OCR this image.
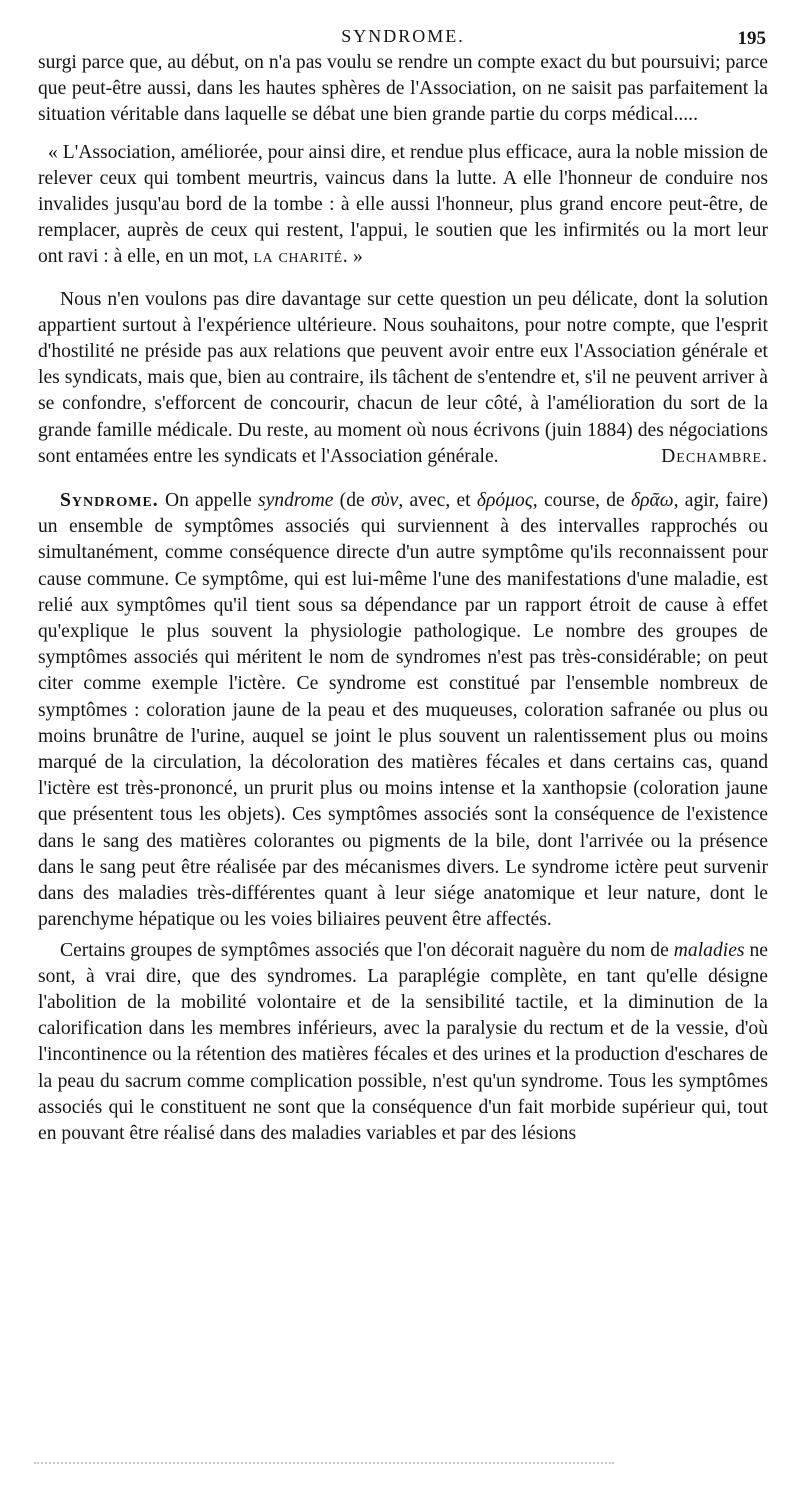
SYNDROME.	195

surgi parce que, au début, on n'a pas voulu se rendre un compte exact du but poursuivi; parce que peut-être aussi, dans les hautes sphères de l'Association, on ne saisit pas parfaitement la situation véritable dans laquelle se débat une bien grande partie du corps médical.....

« L'Association, améliorée, pour ainsi dire, et rendue plus efficace, aura la noble mission de relever ceux qui tombent meurtris, vaincus dans la lutte. A elle l'honneur de conduire nos invalides jusqu'au bord de la tombe : à elle aussi l'honneur, plus grand encore peut-être, de remplacer, auprès de ceux qui restent, l'appui, le soutien que les infirmités ou la mort leur ont ravi : à elle, en un mot, la charité. »

Nous n'en voulons pas dire davantage sur cette question un peu délicate, dont la solution appartient surtout à l'expérience ultérieure. Nous souhaitons, pour notre compte, que l'esprit d'hostilité ne préside pas aux relations que peuvent avoir entre eux l'Association générale et les syndicats, mais que, bien au contraire, ils tâchent de s'entendre et, s'il ne peuvent arriver à se confondre, s'efforcent de concourir, chacun de leur côté, à l'amélioration du sort de la grande famille médicale. Du reste, au moment où nous écrivons (juin 1884) des négociations sont entamées entre les syndicats et l'Association générale.	Dechambre.

Syndrome. On appelle syndrome (de σὺν, avec, et δρόμος, course, de δρᾶω, agir, faire) un ensemble de symptômes associés qui surviennent à des intervalles rapprochés ou simultanément, comme conséquence directe d'un autre symptôme qu'ils reconnaissent pour cause commune. Ce symptôme, qui est lui-même l'une des manifestations d'une maladie, est relié aux symptômes qu'il tient sous sa dépendance par un rapport étroit de cause à effet qu'explique le plus souvent la physiologie pathologique. Le nombre des groupes de symptômes associés qui méritent le nom de syndromes n'est pas très-considérable; on peut citer comme exemple l'ictère. Ce syndrome est constitué par l'ensemble nombreux de symptômes : coloration jaune de la peau et des muqueuses, coloration safranée ou plus ou moins brunâtre de l'urine, auquel se joint le plus souvent un ralentissement plus ou moins marqué de la circulation, la décoloration des matières fécales et dans certains cas, quand l'ictère est très-prononcé, un prurit plus ou moins intense et la xanthopsie (coloration jaune que présentent tous les objets). Ces symptômes associés sont la conséquence de l'existence dans le sang des matières colorantes ou pigments de la bile, dont l'arrivée ou la présence dans le sang peut être réalisée par des mécanismes divers. Le syndrome ictère peut survenir dans des maladies très-différentes quant à leur siége anatomique et leur nature, dont le parenchyme hépatique ou les voies biliaires peuvent être affectés.

Certains groupes de symptômes associés que l'on décorait naguère du nom de maladies ne sont, à vrai dire, que des syndromes. La paraplégie complète, en tant qu'elle désigne l'abolition de la mobilité volontaire et de la sensibilité tactile, et la diminution de la calorification dans les membres inférieurs, avec la paralysie du rectum et de la vessie, d'où l'incontinence ou la rétention des matières fécales et des urines et la production d'eschares de la peau du sacrum comme complication possible, n'est qu'un syndrome. Tous les symptômes associés qui le constituent ne sont que la conséquence d'un fait morbide supérieur qui, tout en pouvant être réalisé dans des maladies variables et par des lésions
